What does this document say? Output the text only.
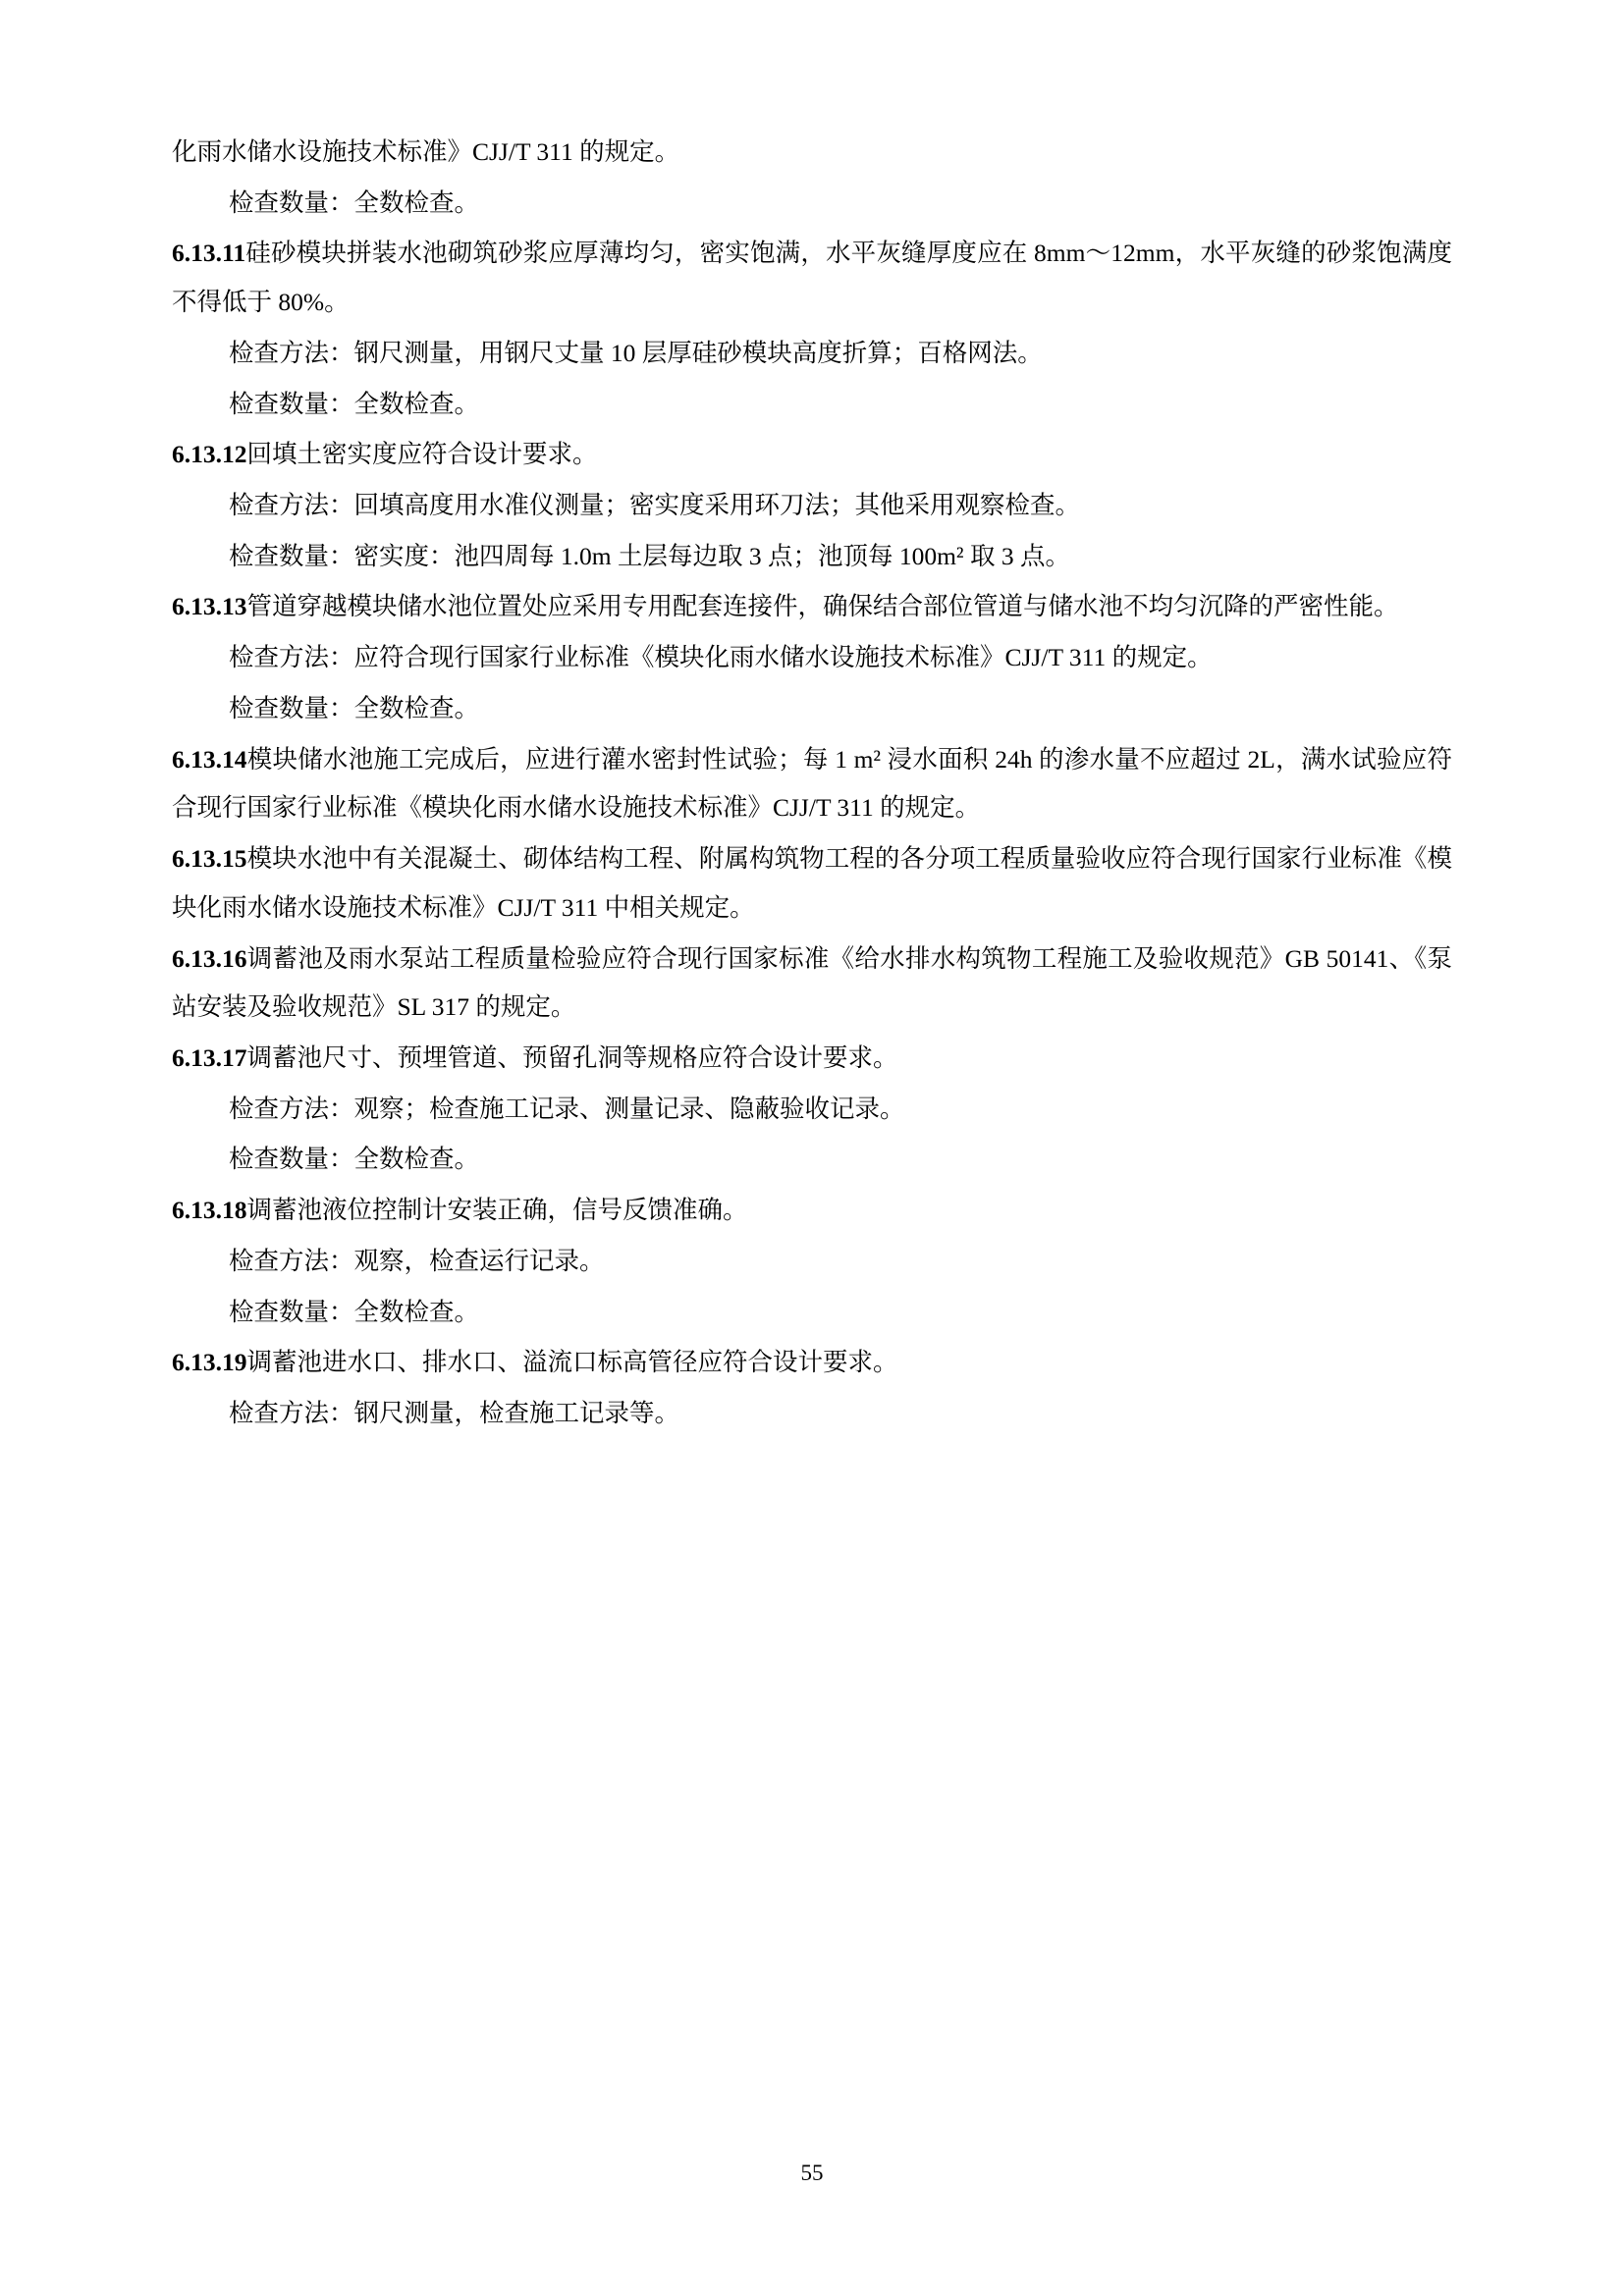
化雨水储水设施技术标准》CJJ/T 311 的规定。

检查数量：全数检查。

6.13.11硅砂模块拼装水池砌筑砂浆应厚薄均匀，密实饱满，水平灰缝厚度应在 8mm～12mm，水平灰缝的砂浆饱满度不得低于 80%。

检查方法：钢尺测量，用钢尺丈量 10 层厚硅砂模块高度折算；百格网法。

检查数量：全数检查。

6.13.12回填土密实度应符合设计要求。

检查方法：回填高度用水准仪测量；密实度采用环刀法；其他采用观察检查。

检查数量：密实度：池四周每 1.0m 土层每边取 3 点；池顶每 100m² 取 3 点。

6.13.13管道穿越模块储水池位置处应采用专用配套连接件，确保结合部位管道与储水池不均匀沉降的严密性能。

检查方法：应符合现行国家行业标准《模块化雨水储水设施技术标准》CJJ/T 311 的规定。

检查数量：全数检查。

6.13.14模块储水池施工完成后，应进行灌水密封性试验；每 1 m² 浸水面积 24h 的渗水量不应超过 2L，满水试验应符合现行国家行业标准《模块化雨水储水设施技术标准》CJJ/T 311 的规定。

6.13.15模块水池中有关混凝土、砌体结构工程、附属构筑物工程的各分项工程质量验收应符合现行国家行业标准《模块化雨水储水设施技术标准》CJJ/T 311 中相关规定。

6.13.16调蓄池及雨水泵站工程质量检验应符合现行国家标准《给水排水构筑物工程施工及验收规范》GB 50141、《泵站安装及验收规范》SL 317 的规定。

6.13.17调蓄池尺寸、预埋管道、预留孔洞等规格应符合设计要求。

检查方法：观察；检查施工记录、测量记录、隐蔽验收记录。

检查数量：全数检查。

6.13.18调蓄池液位控制计安装正确，信号反馈准确。

检查方法：观察，检查运行记录。

检查数量：全数检查。

6.13.19调蓄池进水口、排水口、溢流口标高管径应符合设计要求。

检查方法：钢尺测量，检查施工记录等。

55
